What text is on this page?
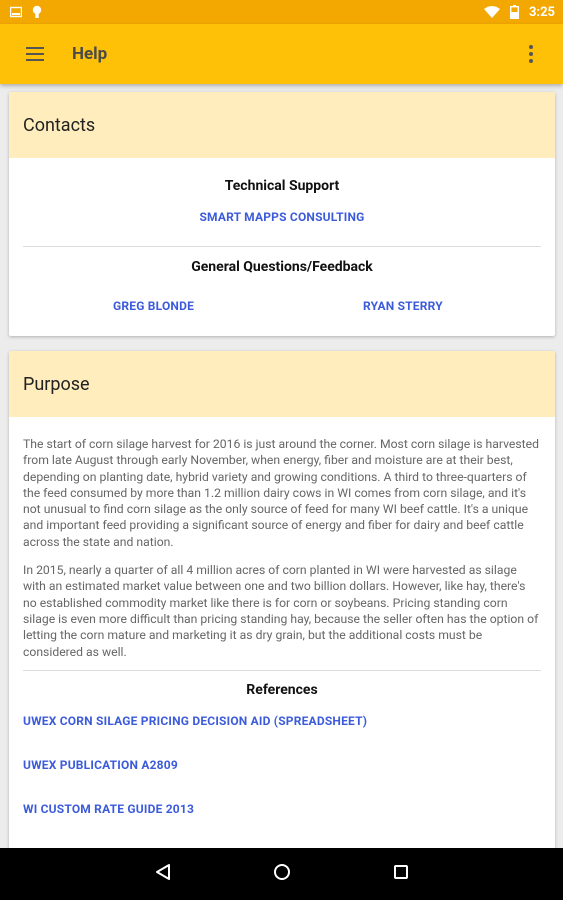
3:25
Help
Contacts
Technical Support
SMART MAPPS CONSULTING
General Questions/Feedback
GREG BLONDE	RYAN STERRY
Purpose

The start of corn silage harvest for 2016 is just around the corner. Most corn silage is harvested from late August through early November, when energy, fiber and moisture are at their best, depending on planting date, hybrid variety and growing conditions. A third to three-quarters of the feed consumed by more than 1.2 million dairy cows in WI comes from corn silage, and it's not unusual to find corn silage as the only source of feed for many WI beef cattle. It's a unique and important feed providing a significant source of energy and fiber for dairy and beef cattle across the state and nation.

In 2015, nearly a quarter of all 4 million acres of corn planted in WI were harvested as silage with an estimated market value between one and two billion dollars. However, like hay, there's no established commodity market like there is for corn or soybeans. Pricing standing corn silage is even more difficult than pricing standing hay, because the seller often has the option of letting the corn mature and marketing it as dry grain, but the additional costs must be considered as well.

References
UWEX CORN SILAGE PRICING DECISION AID (SPREADSHEET)
UWEX PUBLICATION A2809
WI CUSTOM RATE GUIDE 2013
